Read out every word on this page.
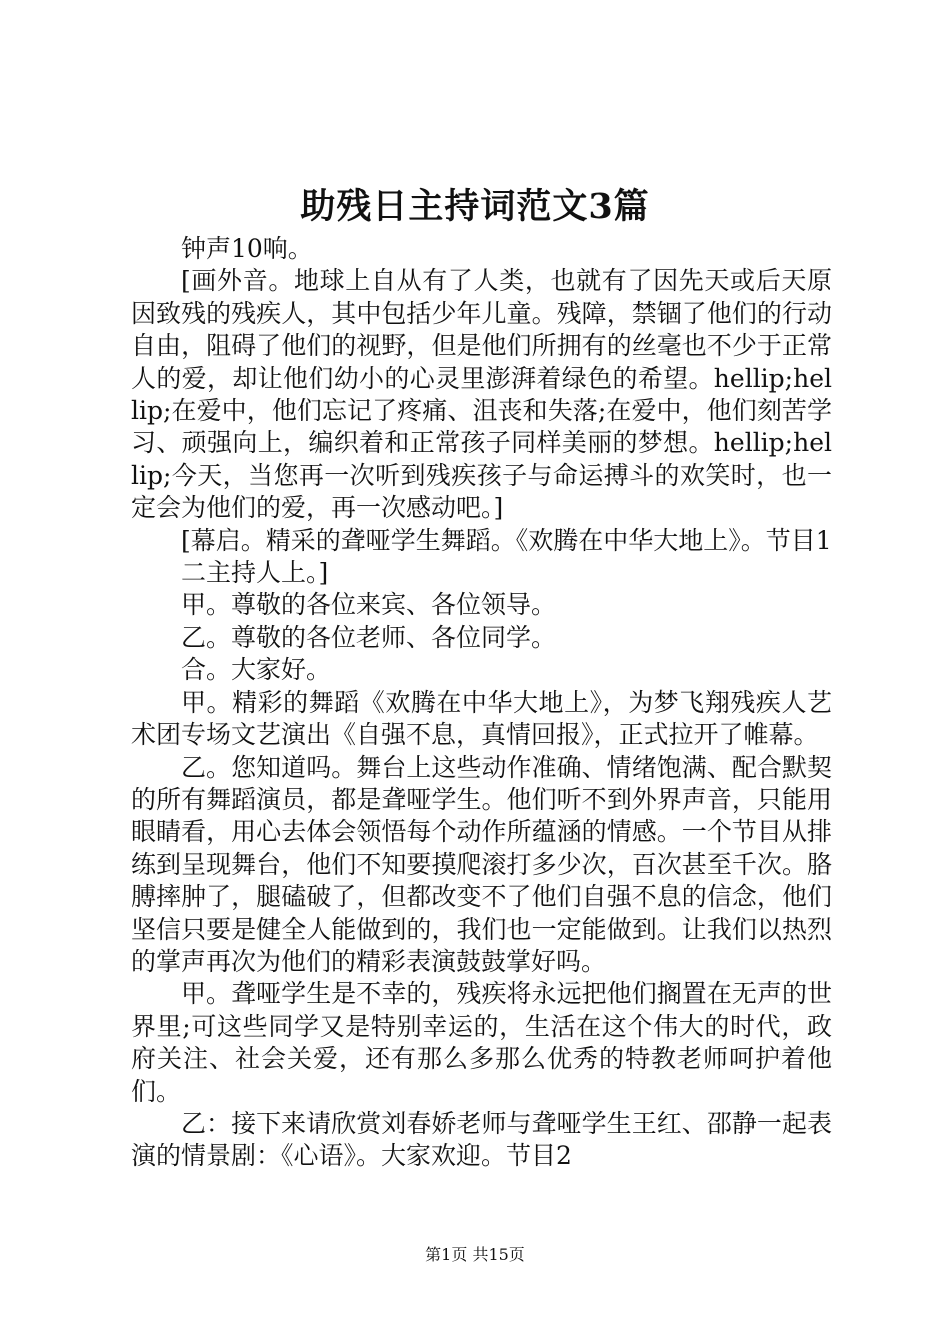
助残日主持词范文3篇

钟声10响。

[画外音。地球上自从有了人类，也就有了因先天或后天原因致残的残疾人，其中包括少年儿童。残障，禁锢了他们的行动自由，阻碍了他们的视野，但是他们所拥有的丝毫也不少于正常人的爱，却让他们幼小的心灵里澎湃着绿色的希望。hellip;hellip;在爱中，他们忘记了疼痛、沮丧和失落;在爱中，他们刻苦学习、顽强向上，编织着和正常孩子同样美丽的梦想。hellip;hellip;今天，当您再一次听到残疾孩子与命运搏斗的欢笑时，也一定会为他们的爱，再一次感动吧。]

[幕启。精采的聋哑学生舞蹈。《欢腾在中华大地上》。节目1

二主持人上。]

甲。尊敬的各位来宾、各位领导。

乙。尊敬的各位老师、各位同学。

合。大家好。

甲。精彩的舞蹈《欢腾在中华大地上》，为梦飞翔残疾人艺术团专场文艺演出《自强不息，真情回报》，正式拉开了帷幕。

乙。您知道吗。舞台上这些动作准确、情绪饱满、配合默契的所有舞蹈演员，都是聋哑学生。他们听不到外界声音，只能用眼睛看，用心去体会领悟每个动作所蕴涵的情感。一个节目从排练到呈现舞台，他们不知要摸爬滚打多少次，百次甚至千次。胳膊摔肿了，腿磕破了，但都改变不了他们自强不息的信念，他们坚信只要是健全人能做到的，我们也一定能做到。让我们以热烈的掌声再次为他们的精彩表演鼓鼓掌好吗。

甲。聋哑学生是不幸的，残疾将永远把他们搁置在无声的世界里;可这些同学又是特别幸运的，生活在这个伟大的时代，政府关注、社会关爱，还有那么多那么优秀的特教老师呵护着他们。

乙：接下来请欣赏刘春娇老师与聋哑学生王红、邵静一起表演的情景剧：《心语》。大家欢迎。节目2

第1页 共15页
